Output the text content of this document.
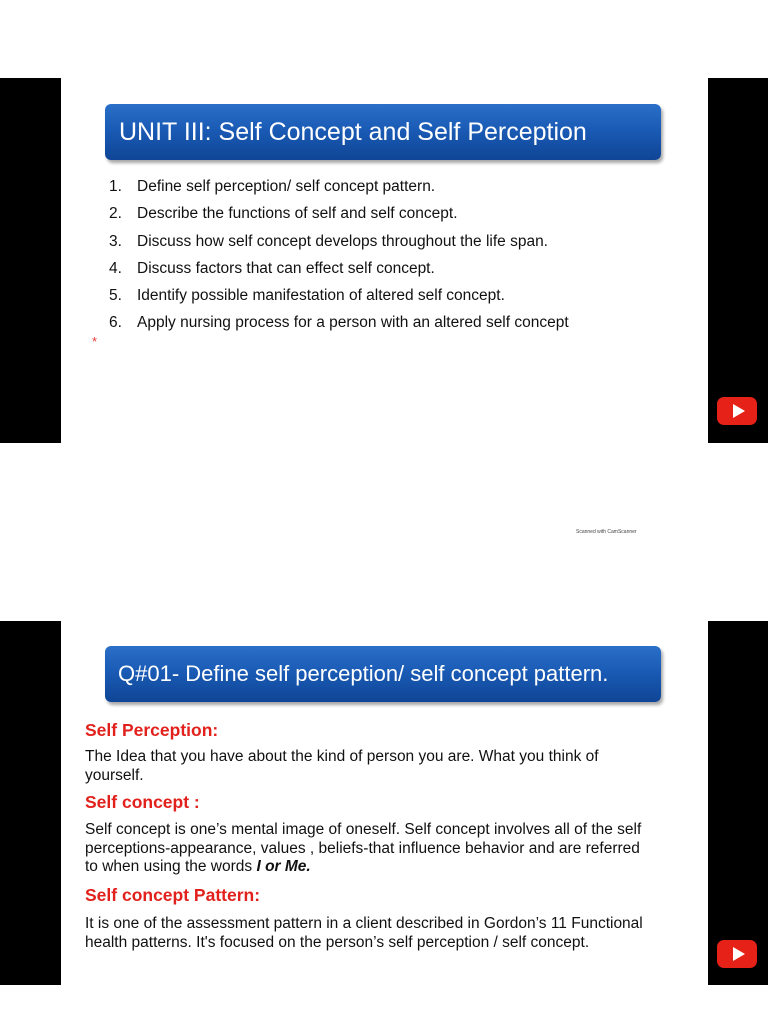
UNIT III: Self Concept and Self Perception
1. Define self perception/ self concept pattern.
2. Describe the functions of self and self concept.
3. Discuss how self concept develops throughout the life span.
4. Discuss factors that can effect self concept.
5. Identify possible manifestation of altered self concept.
6. Apply nursing process for a person with an altered self concept
*
Scanned with CamScanner
Q#01- Define self perception/ self concept pattern.
Self Perception:
The Idea that you have about the kind of person you are. What you think of yourself.
Self concept :
Self concept is one’s mental image of oneself. Self concept involves all of the self perceptions-appearance, values , beliefs-that influence behavior and are referred to when using the words I or Me.
Self concept Pattern:
It is one of the assessment pattern in a client described in Gordon’s 11 Functional health patterns. It's focused on the person’s self perception / self concept.
